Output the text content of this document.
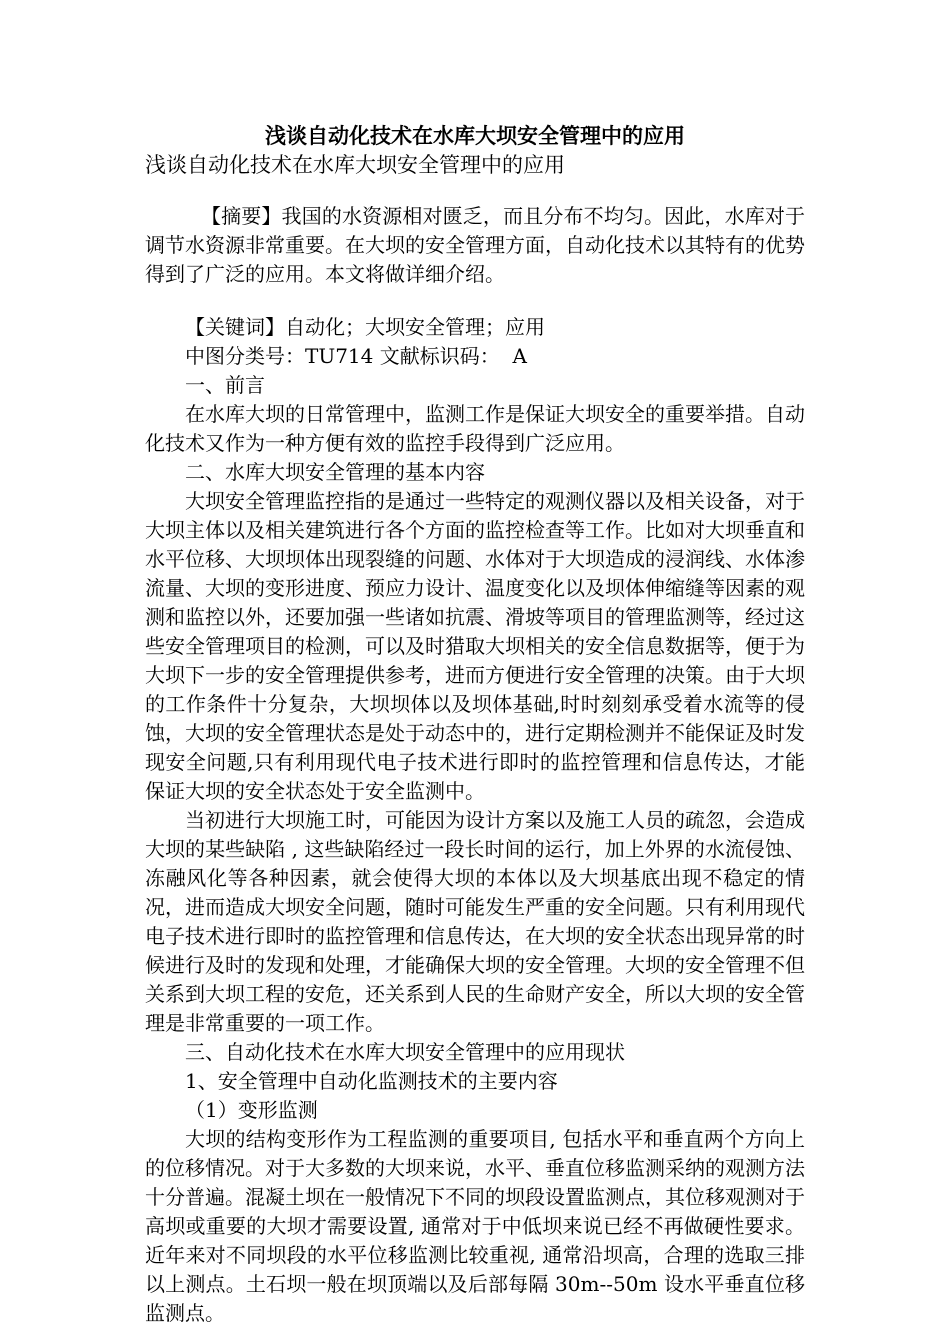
浅谈自动化技术在水库大坝安全管理中的应用

浅谈自动化技术在水库大坝安全管理中的应用

【摘要】我国的水资源相对匮乏，而且分布不均匀。因此，水库对于调节水资源非常重要。在大坝的安全管理方面，自动化技术以其特有的优势得到了广泛的应用。本文将做详细介绍。
【关键词】自动化；大坝安全管理；应用
中图分类号：TU714 文献标识码：  A
一、前言
在水库大坝的日常管理中，监测工作是保证大坝安全的重要举措。自动化技术又作为一种方便有效的监控手段得到广泛应用。
二、水库大坝安全管理的基本内容
大坝安全管理监控指的是通过一些特定的观测仪器以及相关设备，对于大坝主体以及相关建筑进行各个方面的监控检查等工作。比如对大坝垂直和水平位移、大坝坝体出现裂缝的问题、水体对于大坝造成的浸润线、水体渗流量、大坝的变形进度、预应力设计、温度变化以及坝体伸缩缝等因素的观测和监控以外，还要加强一些诸如抗震、滑坡等项目的管理监测等，经过这些安全管理项目的检测，可以及时猎取大坝相关的安全信息数据等，便于为大坝下一步的安全管理提供参考，进而方便进行安全管理的决策。由于大坝的工作条件十分复杂，大坝坝体以及坝体基础,时时刻刻承受着水流等的侵蚀，大坝的安全管理状态是处于动态中的，进行定期检测并不能保证及时发现安全问题,只有利用现代电子技术进行即时的监控管理和信息传达，才能保证大坝的安全状态处于安全监测中。
当初进行大坝施工时，可能因为设计方案以及施工人员的疏忽，会造成大坝的某些缺陷 , 这些缺陷经过一段长时间的运行，加上外界的水流侵蚀、冻融风化等各种因素，就会使得大坝的本体以及大坝基底出现不稳定的情况，进而造成大坝安全问题，随时可能发生严重的安全问题。只有利用现代电子技术进行即时的监控管理和信息传达，在大坝的安全状态出现异常的时候进行及时的发现和处理，才能确保大坝的安全管理。大坝的安全管理不但关系到大坝工程的安危，还关系到人民的生命财产安全，所以大坝的安全管理是非常重要的一项工作。
三、自动化技术在水库大坝安全管理中的应用现状
1、安全管理中自动化监测技术的主要内容
（1）变形监测
大坝的结构变形作为工程监测的重要项目, 包括水平和垂直两个方向上的位移情况。对于大多数的大坝来说，水平、垂直位移监测采纳的观测方法十分普遍。混凝土坝在一般情况下不同的坝段设置监测点，其位移观测对于高坝或重要的大坝才需要设置, 通常对于中低坝来说已经不再做硬性要求。近年来对不同坝段的水平位移监测比较重视, 通常沿坝高，合理的选取三排以上测点。土石坝一般在坝顶端以及后部每隔 30m--50m 设水平垂直位移监测点。
